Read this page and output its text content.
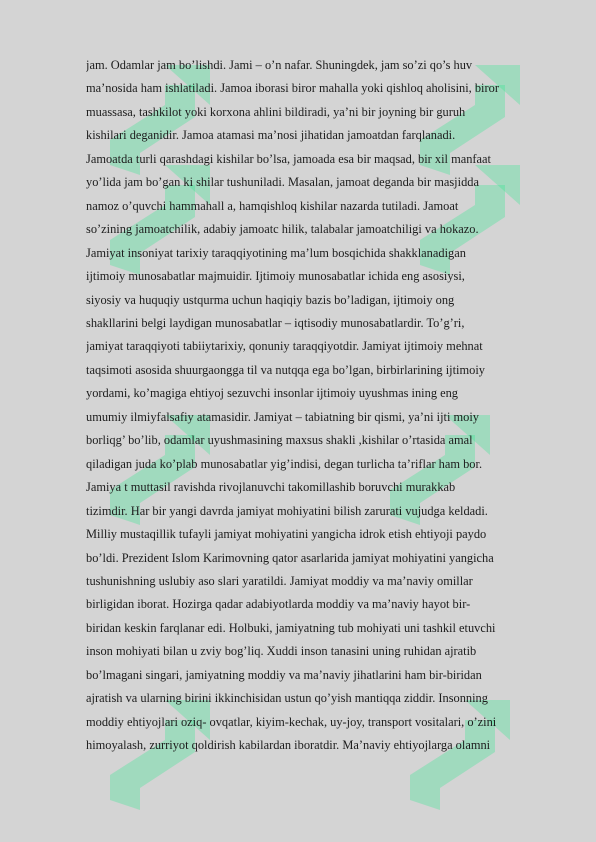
jam. Odamlar jam bo’lishdi. Jami – o’n nafar. Shuningdek, jam so’zi qo’s huv
ma’nosida ham ishlatiladi. Jamoa iborasi biror mahalla yoki qishloq aholisini, biror
muassasa, tashkilot yoki korxona ahlini bildiradi, ya’ni bir joyning bir guruh
kishilari deganidir. Jamoa atamasi ma’nosi jihatidan jamoatdan farqlanadi.
Jamoatda turli qarashdagi kishilar bo’lsa, jamoada esa bir maqsad, bir xil manfaat
yo’lida jam bo’gan ki shilar tushuniladi. Masalan, jamoat deganda bir masjidda
namoz o’quvchi hammahall a, hamqishloq kishilar nazarda tutiladi. Jamoat
so’zining jamoatchilik, adabiy jamoatc hilik, talabalar jamoatchiligi va hokazo.
Jamiyat insoniyat tarixiy taraqqiyotining ma’lum bosqichida shakklanadigan
ijtimoiy munosabatlar majmuidir. Ijtimoiy munosabatlar ichida eng asosiysi,
siyosiy va huquqiy ustqurma uchun haqiqiy bazis bo’ladigan, ijtimoiy ong
shakllarini belgi laydigan munosabatlar – iqtisodiy munosabatlardir. To’g’ri,
jamiyat taraqqiyoti tabiiytarixiy, qonuniy taraqqiyotdir. Jamiyat ijtimoiy mehnat
taqsimoti asosida shuurgaongga til va nutqqa ega bo’lgan, birbirlarining ijtimoiy
yordami, ko’magiga ehtiyoj sezuvchi insonlar ijtimoiy uyushmas ining eng
umumiy ilmiyfalsafiy atamasidir. Jamiyat – tabiatning bir qismi, ya’ni ijti moiy
borliqg’ bo’lib, odamlar uyushmasining maxsus shakli ,kishilar o’rtasida amal
qiladigan juda ko’plab munosabatlar yig’indisi, degan turlicha ta’riflar ham bor.
Jamiya t muttasil ravishda rivojlanuvchi takomillashib boruvchi murakkab
tizimdir. Har bir yangi davrda jamiyat mohiyatini bilish zarurati vujudga keldadi.
Milliy mustaqillik tufayli jamiyat mohiyatini yangicha idrok etish ehtiyoji paydo
bo’ldi. Prezident Islom Karimovning qator asarlarida jamiyat mohiyatini yangicha
tushunishning uslubiy aso slari yaratildi. Jamiyat moddiy va ma’naviy omillar
birligidan iborat. Hozirga qadar adabiyotlarda moddiy va ma’naviy hayot bir-
biridan keskin farqlanar edi. Holbuki, jamiyatning tub mohiyati uni tashkil etuvchi
inson mohiyati bilan u zviy bog’liq. Xuddi inson tanasini uning ruhidan ajratib
bo’lmagani singari, jamiyatning moddiy va ma’naviy jihatlarini ham bir-biridan
ajratish va ularning birini ikkinchisidan ustun qo’yish mantiqqa ziddir. Insonning
moddiy ehtiyojlari oziq- ovqatlar, kiyim-kechak, uy-joy, transport vositalari, o’zini
himoyalash, zurriyot qoldirish kabilardan iboratdir. Ma’naviy ehtiyojlarga olamni
